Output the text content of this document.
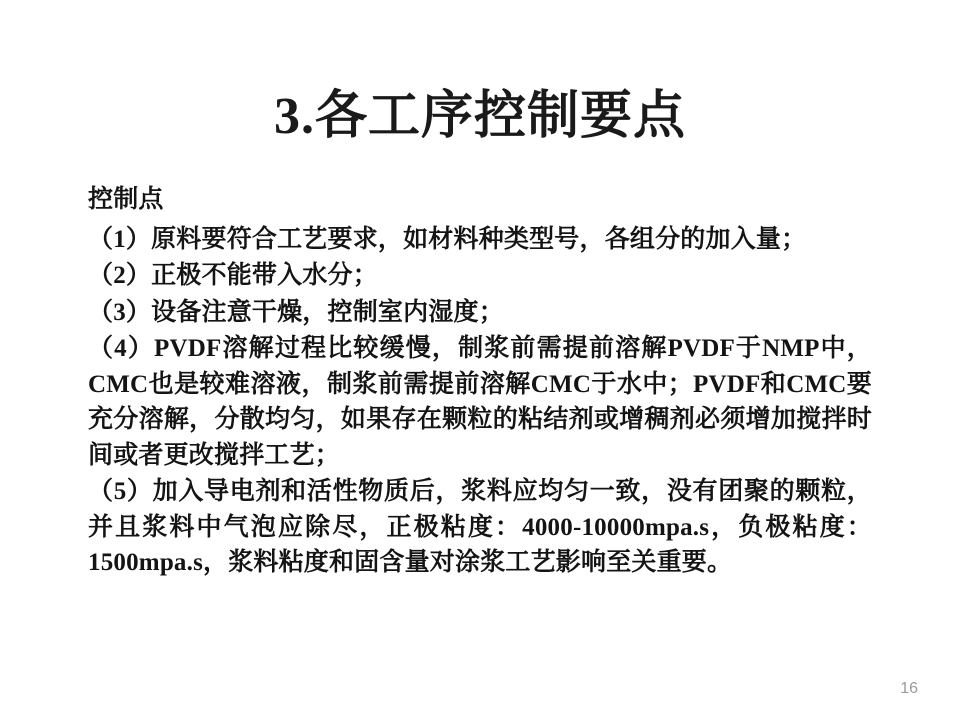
3.各工序控制要点

控制点

（1）原料要符合工艺要求，如材料种类型号，各组分的加入量；

（2）正极不能带入水分；

（3）设备注意干燥，控制室内湿度；

（4）PVDF溶解过程比较缓慢，制浆前需提前溶解PVDF于NMP中，CMC也是较难溶液，制浆前需提前溶解CMC于水中；PVDF和CMC要充分溶解，分散均匀，如果存在颗粒的粘结剂或增稠剂必须增加搅拌时间或者更改搅拌工艺；

（5）加入导电剂和活性物质后，浆料应均匀一致，没有团聚的颗粒，并且浆料中气泡应除尽，正极粘度：4000-10000mpa.s，负极粘度：1500mpa.s，浆料粘度和固含量对涂浆工艺影响至关重要。

16
